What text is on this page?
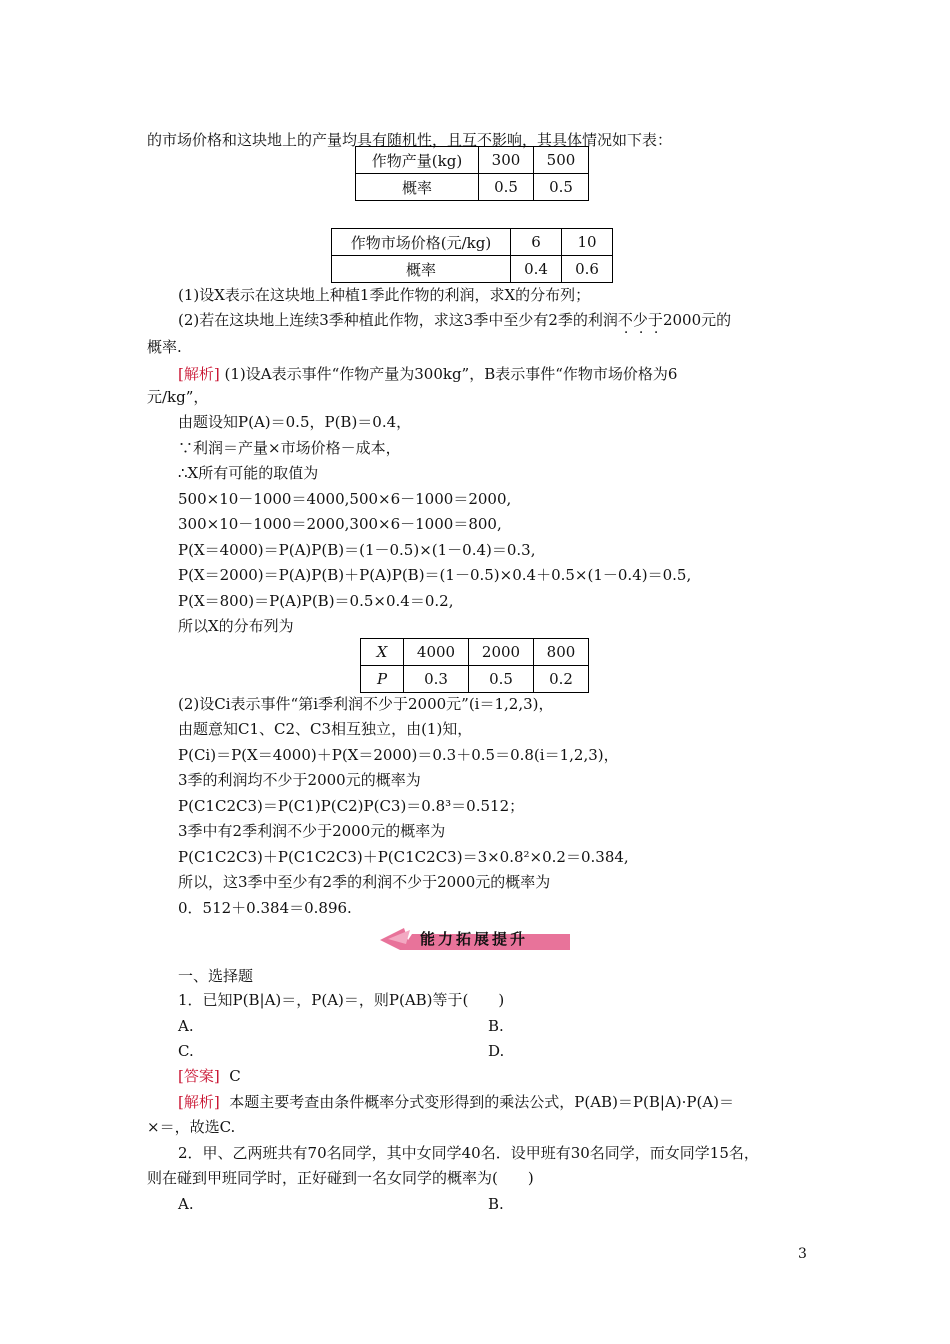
的市场价格和这块地上的产量均具有随机性，且互不影响，其具体情况如下表：
作物产量(kg)	300	500
概率	0.5	0.5
作物市场价格(元/kg)	6	10
概率	0.4	0.6
(1)设X表示在这块地上种植1季此作物的利润，求X的分布列；
(2)若在这块地上连续3季种植此作物，求这3季中至少有2季的利润不少于2000元的
概率.
[解析] (1)设A表示事件“作物产量为300kg”，B表示事件“作物市场价格为6
元/kg”，
由题设知P(A)＝0.5，P(B)＝0.4，
∵利润＝产量×市场价格－成本，
∴X所有可能的取值为
500×10－1000＝4000,500×6－1000＝2000,
300×10－1000＝2000,300×6－1000＝800,
P(X＝4000)＝P(A)P(B)＝(1－0.5)×(1－0.4)＝0.3,
P(X＝2000)＝P(A)P(B)＋P(A)P(B)＝(1－0.5)×0.4＋0.5×(1－0.4)＝0.5,
P(X＝800)＝P(A)P(B)＝0.5×0.4＝0.2,
所以X的分布列为
X	4000	2000	800
P	0.3	0.5	0.2
(2)设Ci表示事件“第i季利润不少于2000元”(i＝1,2,3)，
由题意知C1、C2、C3相互独立，由(1)知，
P(Ci)＝P(X＝4000)＋P(X＝2000)＝0.3＋0.5＝0.8(i＝1,2,3)，
3季的利润均不少于2000元的概率为
P(C1C2C3)＝P(C1)P(C2)P(C3)＝0.8³＝0.512；
3季中有2季利润不少于2000元的概率为
P(C1C2C3)＋P(C1C2C3)＋P(C1C2C3)＝3×0.8²×0.2＝0.384,
所以，这3季中至少有2季的利润不少于2000元的概率为
0．512＋0.384＝0.896.
能力拓展提升
一、选择题
1．已知P(B|A)＝，P(A)＝，则P(AB)等于(　　)
A.	B.
C.	D.
[答案] C
[解析] 本题主要考查由条件概率分式变形得到的乘法公式，P(AB)＝P(B|A)·P(A)＝
×＝，故选C.
2．甲、乙两班共有70名同学，其中女同学40名．设甲班有30名同学，而女同学15名，
则在碰到甲班同学时，正好碰到一名女同学的概率为(　　)
A.	B.
3
